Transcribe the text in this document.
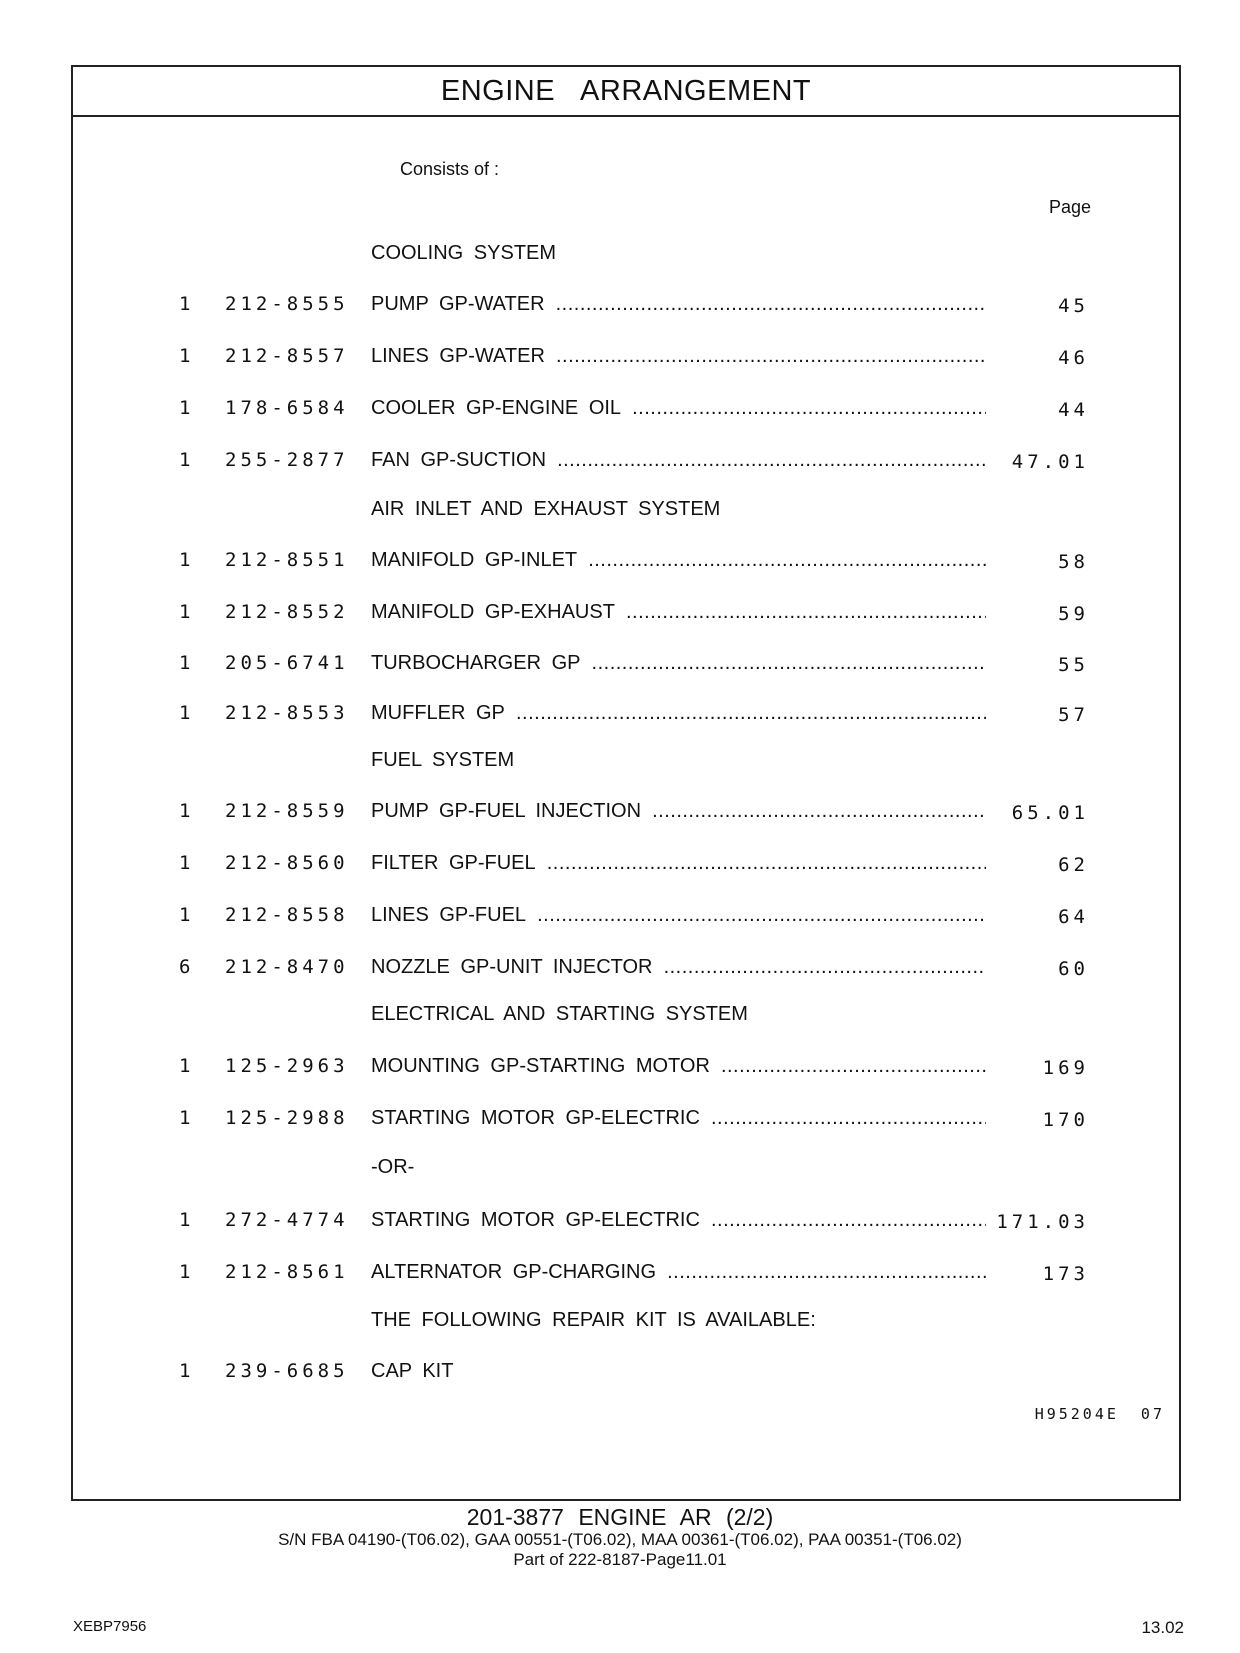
ENGINE ARRANGEMENT
Consists of :
Page
COOLING SYSTEM
1 212-8555 PUMP GP-WATER .....	45
1 212-8557 LINES GP-WATER .....	46
1 178-6584 COOLER GP-ENGINE OIL .....	44
1 255-2877 FAN GP-SUCTION .....	47.01
AIR INLET AND EXHAUST SYSTEM
1 212-8551 MANIFOLD GP-INLET .....	58
1 212-8552 MANIFOLD GP-EXHAUST .....	59
1 205-6741 TURBOCHARGER GP .....	55
1 212-8553 MUFFLER GP .....	57
FUEL SYSTEM
1 212-8559 PUMP GP-FUEL INJECTION .....	65.01
1 212-8560 FILTER GP-FUEL .....	62
1 212-8558 LINES GP-FUEL .....	64
6 212-8470 NOZZLE GP-UNIT INJECTOR .....	60
ELECTRICAL AND STARTING SYSTEM
1 125-2963 MOUNTING GP-STARTING MOTOR .....	169
1 125-2988 STARTING MOTOR GP-ELECTRIC .....	170
-OR-
1 272-4774 STARTING MOTOR GP-ELECTRIC .....	171.03
1 212-8561 ALTERNATOR GP-CHARGING .....	173
THE FOLLOWING REPAIR KIT IS AVAILABLE:
1 239-6685 CAP KIT
H95204E 07
201-3877 ENGINE AR (2/2)
S/N FBA 04190-(T06.02), GAA 00551-(T06.02), MAA 00361-(T06.02), PAA 00351-(T06.02)
Part of 222-8187-Page11.01
XEBP7956	13.02
